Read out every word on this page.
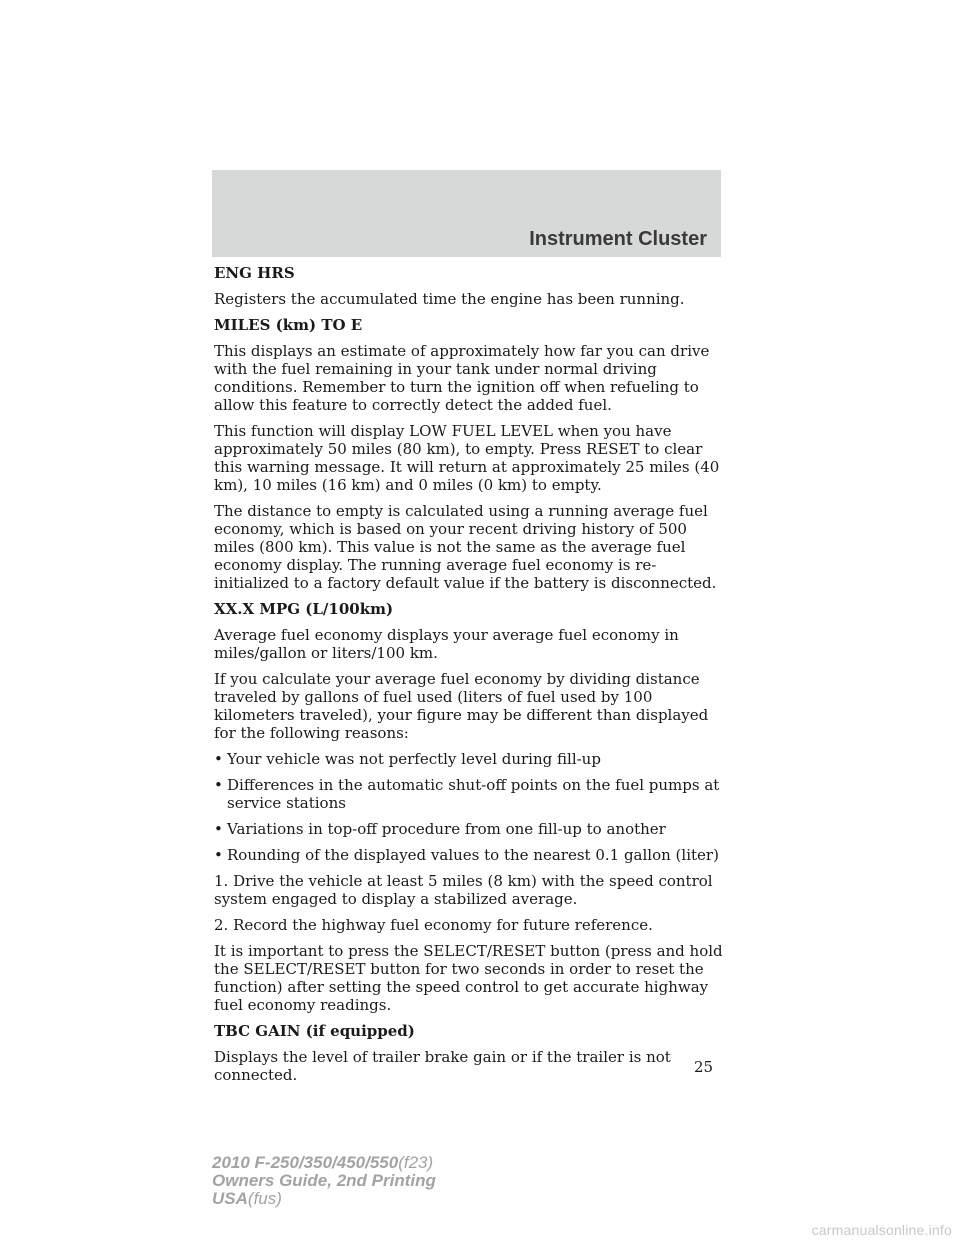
Instrument Cluster
ENG HRS

Registers the accumulated time the engine has been running.

MILES (km) TO E

This displays an estimate of approximately how far you can drive with the fuel remaining in your tank under normal driving conditions. Remember to turn the ignition off when refueling to allow this feature to correctly detect the added fuel.

This function will display LOW FUEL LEVEL when you have approximately 50 miles (80 km), to empty. Press RESET to clear this warning message. It will return at approximately 25 miles (40 km), 10 miles (16 km) and 0 miles (0 km) to empty.

The distance to empty is calculated using a running average fuel economy, which is based on your recent driving history of 500 miles (800 km). This value is not the same as the average fuel economy display. The running average fuel economy is re-initialized to a factory default value if the battery is disconnected.

XX.X MPG (L/100km)

Average fuel economy displays your average fuel economy in miles/gallon or liters/100 km.

If you calculate your average fuel economy by dividing distance traveled by gallons of fuel used (liters of fuel used by 100 kilometers traveled), your figure may be different than displayed for the following reasons:

• Your vehicle was not perfectly level during fill-up
• Differences in the automatic shut-off points on the fuel pumps at service stations
• Variations in top-off procedure from one fill-up to another
• Rounding of the displayed values to the nearest 0.1 gallon (liter)

1. Drive the vehicle at least 5 miles (8 km) with the speed control system engaged to display a stabilized average.

2. Record the highway fuel economy for future reference.

It is important to press the SELECT/RESET button (press and hold the SELECT/RESET button for two seconds in order to reset the function) after setting the speed control to get accurate highway fuel economy readings.

TBC GAIN (if equipped)

Displays the level of trailer brake gain or if the trailer is not connected.	25
2010 F-250/350/450/550(f23)
Owners Guide, 2nd Printing
USA(fus)
carmanualsonline.info
